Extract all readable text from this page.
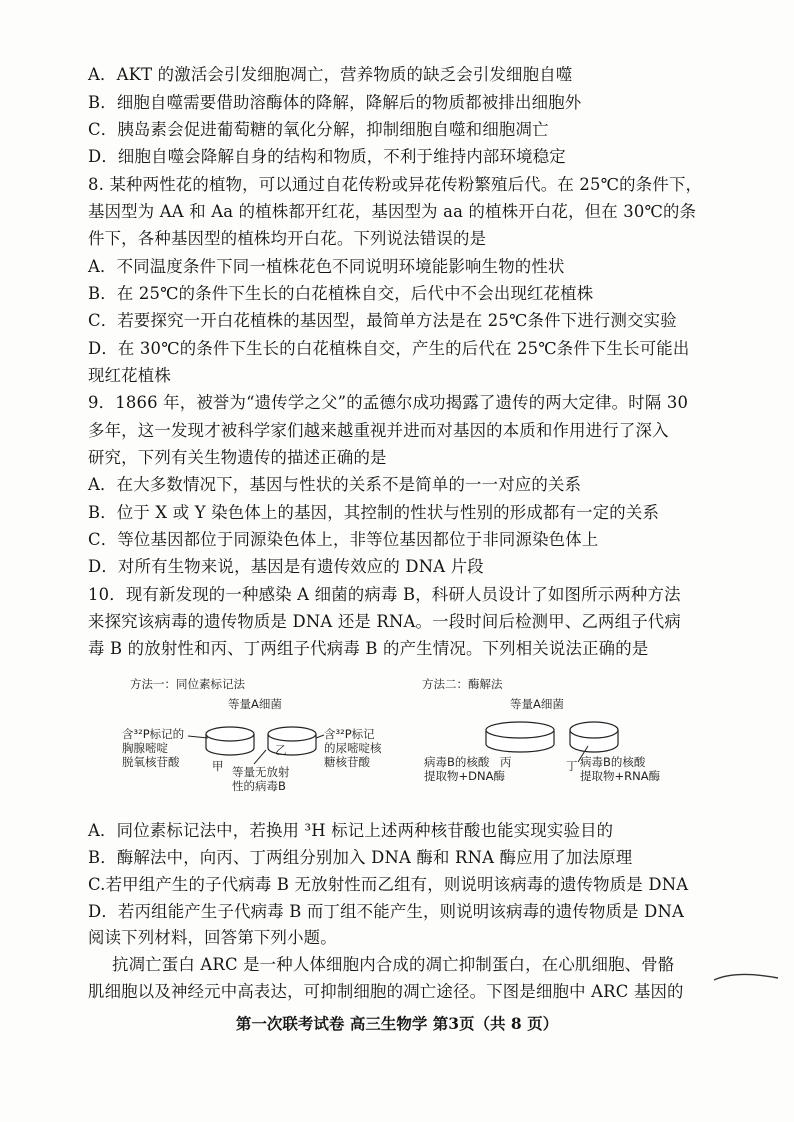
A．AKT 的激活会引发细胞凋亡，营养物质的缺乏会引发细胞自噬
B．细胞自噬需要借助溶酶体的降解，降解后的物质都被排出细胞外
C．胰岛素会促进葡萄糖的氧化分解，抑制细胞自噬和细胞凋亡
D．细胞自噬会降解自身的结构和物质，不利于维持内部环境稳定
8. 某种两性花的植物，可以通过自花传粉或异花传粉繁殖后代。在 25℃的条件下，
基因型为 AA 和 Aa 的植株都开红花，基因型为 aa 的植株开白花，但在 30℃的条
件下，各种基因型的植株均开白花。下列说法错误的是
A．不同温度条件下同一植株花色不同说明环境能影响生物的性状
B．在 25℃的条件下生长的白花植株自交，后代中不会出现红花植株
C．若要探究一开白花植株的基因型，最简单方法是在 25℃条件下进行测交实验
D．在 30℃的条件下生长的白花植株自交，产生的后代在 25℃条件下生长可能出
现红花植株
9．1866 年，被誉为“遗传学之父”的孟德尔成功揭露了遗传的两大定律。时隔 30
多年，这一发现才被科学家们越来越重视并进而对基因的本质和作用进行了深入
研究，下列有关生物遗传的描述正确的是
A．在大多数情况下，基因与性状的关系不是简单的一一对应的关系
B．位于 X 或 Y 染色体上的基因，其控制的性状与性别的形成都有一定的关系
C．等位基因都位于同源染色体上，非等位基因都位于非同源染色体上
D．对所有生物来说，基因是有遗传效应的 DNA 片段
10．现有新发现的一种感染 A 细菌的病毒 B，科研人员设计了如图所示两种方法
来探究该病毒的遗传物质是 DNA 还是 RNA。一段时间后检测甲、乙两组子代病
毒 B 的放射性和丙、丁两组子代病毒 B 的产生情况。下列相关说法正确的是
方法一：同位素标记法	方法二：酶解法
等量A细菌	等量A细菌
甲
乙
含³²P标记的
胸腺嘧啶
脱氧核苷酸
含³²P标记
的尿嘧啶核
糖核苷酸
等量无放射
性的病毒B
丙	丁
病毒B的核酸
提取物+DNA酶
病毒B的核酸
提取物+RNA酶
A．同位素标记法中，若换用 ³H 标记上述两种核苷酸也能实现实验目的
B．酶解法中，向丙、丁两组分别加入 DNA 酶和 RNA 酶应用了加法原理
C.若甲组产生的子代病毒 B 无放射性而乙组有，则说明该病毒的遗传物质是 DNA
D．若丙组能产生子代病毒 B 而丁组不能产生，则说明该病毒的遗传物质是 DNA
阅读下列材料，回答第下列小题。
抗凋亡蛋白 ARC 是一种人体细胞内合成的凋亡抑制蛋白，在心肌细胞、骨骼
肌细胞以及神经元中高表达，可抑制细胞的凋亡途径。下图是细胞中 ARC 基因的
第一次联考试卷 高三生物学 第3页（共 8 页）
